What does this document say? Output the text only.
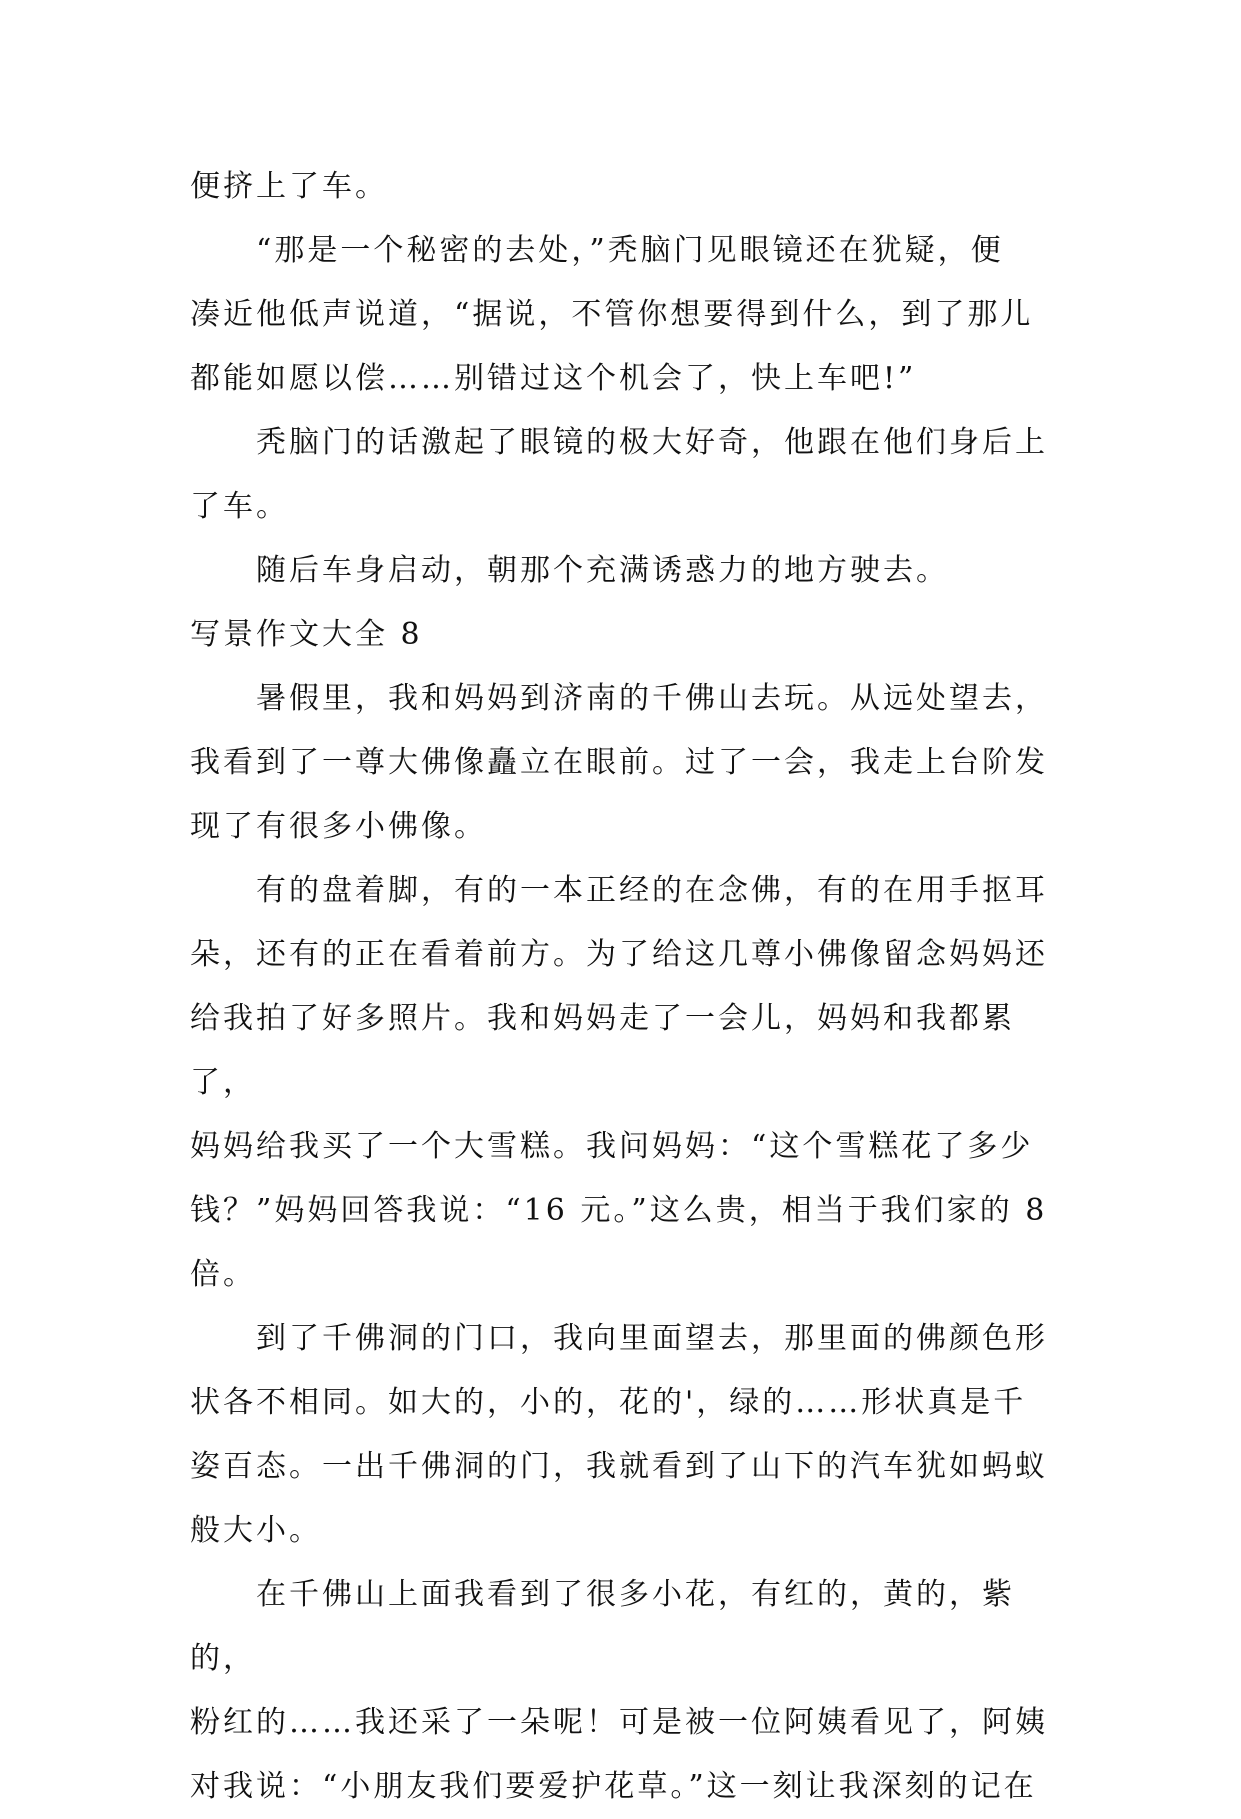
便挤上了车。
“那是一个秘密的去处，”秃脑门见眼镜还在犹疑，便
凑近他低声说道，“据说，不管你想要得到什么，到了那儿
都能如愿以偿……别错过这个机会了，快上车吧!”
秃脑门的话激起了眼镜的极大好奇，他跟在他们身后上
了车。
随后车身启动，朝那个充满诱惑力的地方驶去。
写景作文大全 8
暑假里，我和妈妈到济南的千佛山去玩。从远处望去，
我看到了一尊大佛像矗立在眼前。过了一会，我走上台阶发
现了有很多小佛像。
有的盘着脚，有的一本正经的在念佛，有的在用手抠耳
朵，还有的正在看着前方。为了给这几尊小佛像留念妈妈还
给我拍了好多照片。我和妈妈走了一会儿，妈妈和我都累了，
妈妈给我买了一个大雪糕。我问妈妈：“这个雪糕花了多少
钱？”妈妈回答我说：“16 元。”这么贵，相当于我们家的 8
倍。
到了千佛洞的门口，我向里面望去，那里面的佛颜色形
状各不相同。如大的，小的，花的'，绿的……形状真是千
姿百态。一出千佛洞的门，我就看到了山下的汽车犹如蚂蚁
般大小。
在千佛山上面我看到了很多小花，有红的，黄的，紫的，
粉红的……我还采了一朵呢！可是被一位阿姨看见了，阿姨
对我说：“小朋友我们要爱护花草。”这一刻让我深刻的记在
